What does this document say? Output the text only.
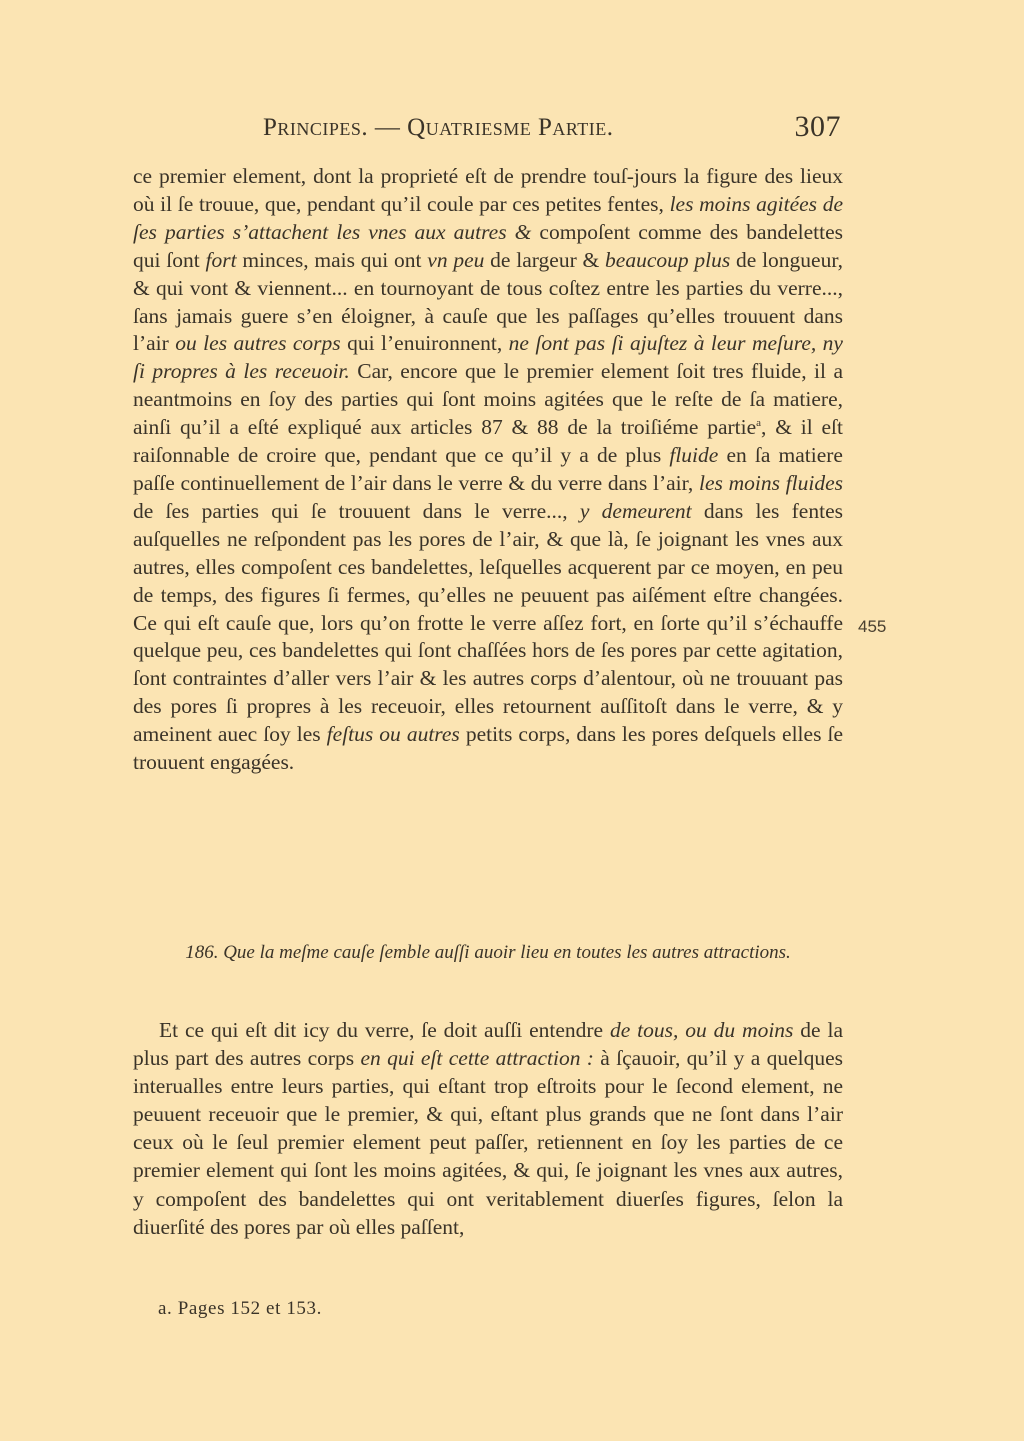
Principes. — Quatriesme Partie.	307

ce premier element, dont la proprieté eſt de prendre touſ-jours la figure des lieux où il ſe trouue, que, pendant qu’il coule par ces petites fentes, les moins agitées de ſes parties s’attachent les vnes aux autres & compoſent comme des bandelettes qui ſont fort minces, mais qui ont vn peu de largeur & beaucoup plus de longueur, & qui vont & viennent... en tournoyant de tous coſtez entre les parties du verre..., ſans jamais guere s’en éloigner, à cauſe que les paſſages qu’elles trouuent dans l’air ou les autres corps qui l’enuironnent, ne ſont pas ſi ajuſtez à leur meſure, ny ſi propres à les receuoir. Car, encore que le premier element ſoit tres fluide, il a neantmoins en ſoy des parties qui ſont moins agitées que le reſte de ſa matiere, ainſi qu’il a eſté expliqué aux articles 87 & 88 de la troiſiéme partie$^a$, & il eſt raiſonnable de croire que, pendant que ce qu’il y a de plus fluide en ſa matiere paſſe continuellement de l’air dans le verre & du verre dans l’air, les moins fluides de ſes parties qui ſe trouuent dans le verre..., y demeurent dans les fentes auſquelles ne reſpondent pas les pores de l’air, & que là, ſe joignant les vnes aux autres, elles compoſent ces bandelettes, leſquelles acquerent par ce moyen, en peu de temps, des figures ſi fermes, qu’elles ne peuuent pas aiſément eſtre changées. Ce qui eſt cauſe que, lors qu’on frotte le verre aſſez fort, en ſorte qu’il s’échauffe quelque peu, ces bandelettes qui ſont chaſſées hors de ſes pores par cette agitation, ſont contraintes d’aller vers l’air & les autres corps d’alentour, où ne trouuant pas des pores ſi propres à les receuoir, elles retournent auſſitoſt dans le verre, & y ameinent auec ſoy les feſtus ou autres petits corps, dans les pores deſquels elles ſe trouuent engagées.

455
186. Que la meſme cauſe ſemble auſſi auoir lieu en toutes les autres attractions.

Et ce qui eſt dit icy du verre, ſe doit auſſi entendre de tous, ou du moins de la plus part des autres corps en qui eſt cette attraction : à ſçauoir, qu’il y a quelques interualles entre leurs parties, qui eſtant trop eſtroits pour le ſecond element, ne peuuent receuoir que le premier, & qui, eſtant plus grands que ne ſont dans l’air ceux où le ſeul premier element peut paſſer, retiennent en ſoy les parties de ce premier element qui ſont les moins agitées, & qui, ſe joignant les vnes aux autres, y compoſent des bandelettes qui ont veritablement diuerſes figures, ſelon la diuerſité des pores par où elles paſſent,

a. Pages 152 et 153.
